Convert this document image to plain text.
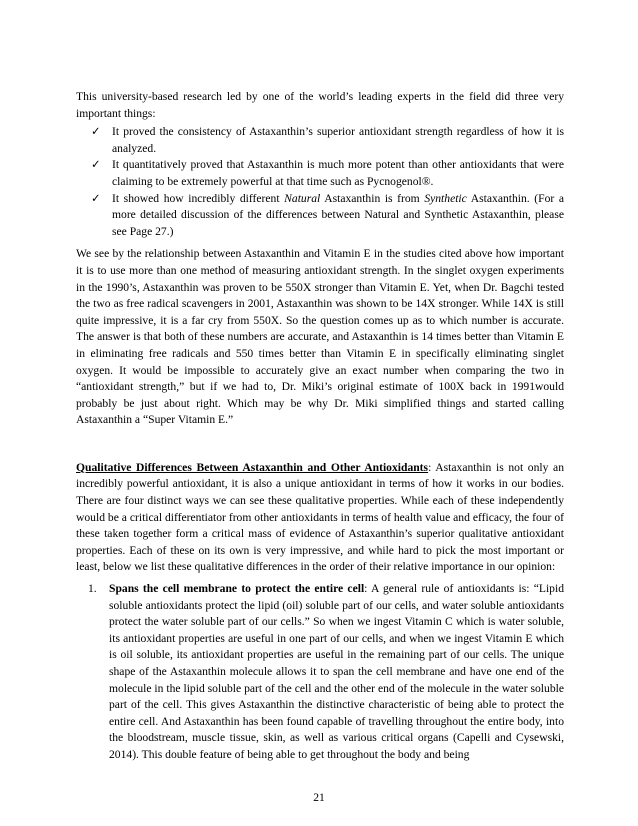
This university-based research led by one of the world’s leading experts in the field did three very important things:

✓ It proved the consistency of Astaxanthin’s superior antioxidant strength regardless of how it is analyzed.
✓ It quantitatively proved that Astaxanthin is much more potent than other antioxidants that were claiming to be extremely powerful at that time such as Pycnogenol®.
✓ It showed how incredibly different Natural Astaxanthin is from Synthetic Astaxanthin. (For a more detailed discussion of the differences between Natural and Synthetic Astaxanthin, please see Page 27.)

We see by the relationship between Astaxanthin and Vitamin E in the studies cited above how important it is to use more than one method of measuring antioxidant strength. In the singlet oxygen experiments in the 1990’s, Astaxanthin was proven to be 550X stronger than Vitamin E. Yet, when Dr. Bagchi tested the two as free radical scavengers in 2001, Astaxanthin was shown to be 14X stronger. While 14X is still quite impressive, it is a far cry from 550X. So the question comes up as to which number is accurate. The answer is that both of these numbers are accurate, and Astaxanthin is 14 times better than Vitamin E in eliminating free radicals and 550 times better than Vitamin E in specifically eliminating singlet oxygen. It would be impossible to accurately give an exact number when comparing the two in “antioxidant strength,” but if we had to, Dr. Miki’s original estimate of 100X back in 1991would probably be just about right. Which may be why Dr. Miki simplified things and started calling Astaxanthin a “Super Vitamin E.”

Qualitative Differences Between Astaxanthin and Other Antioxidants: Astaxanthin is not only an incredibly powerful antioxidant, it is also a unique antioxidant in terms of how it works in our bodies. There are four distinct ways we can see these qualitative properties. While each of these independently would be a critical differentiator from other antioxidants in terms of health value and efficacy, the four of these taken together form a critical mass of evidence of Astaxanthin’s superior qualitative antioxidant properties. Each of these on its own is very impressive, and while hard to pick the most important or least, below we list these qualitative differences in the order of their relative importance in our opinion:

1. Spans the cell membrane to protect the entire cell: A general rule of antioxidants is: “Lipid soluble antioxidants protect the lipid (oil) soluble part of our cells, and water soluble antioxidants protect the water soluble part of our cells.” So when we ingest Vitamin C which is water soluble, its antioxidant properties are useful in one part of our cells, and when we ingest Vitamin E which is oil soluble, its antioxidant properties are useful in the remaining part of our cells. The unique shape of the Astaxanthin molecule allows it to span the cell membrane and have one end of the molecule in the lipid soluble part of the cell and the other end of the molecule in the water soluble part of the cell. This gives Astaxanthin the distinctive characteristic of being able to protect the entire cell. And Astaxanthin has been found capable of travelling throughout the entire body, into the bloodstream, muscle tissue, skin, as well as various critical organs (Capelli and Cysewski, 2014). This double feature of being able to get throughout the body and being
21
